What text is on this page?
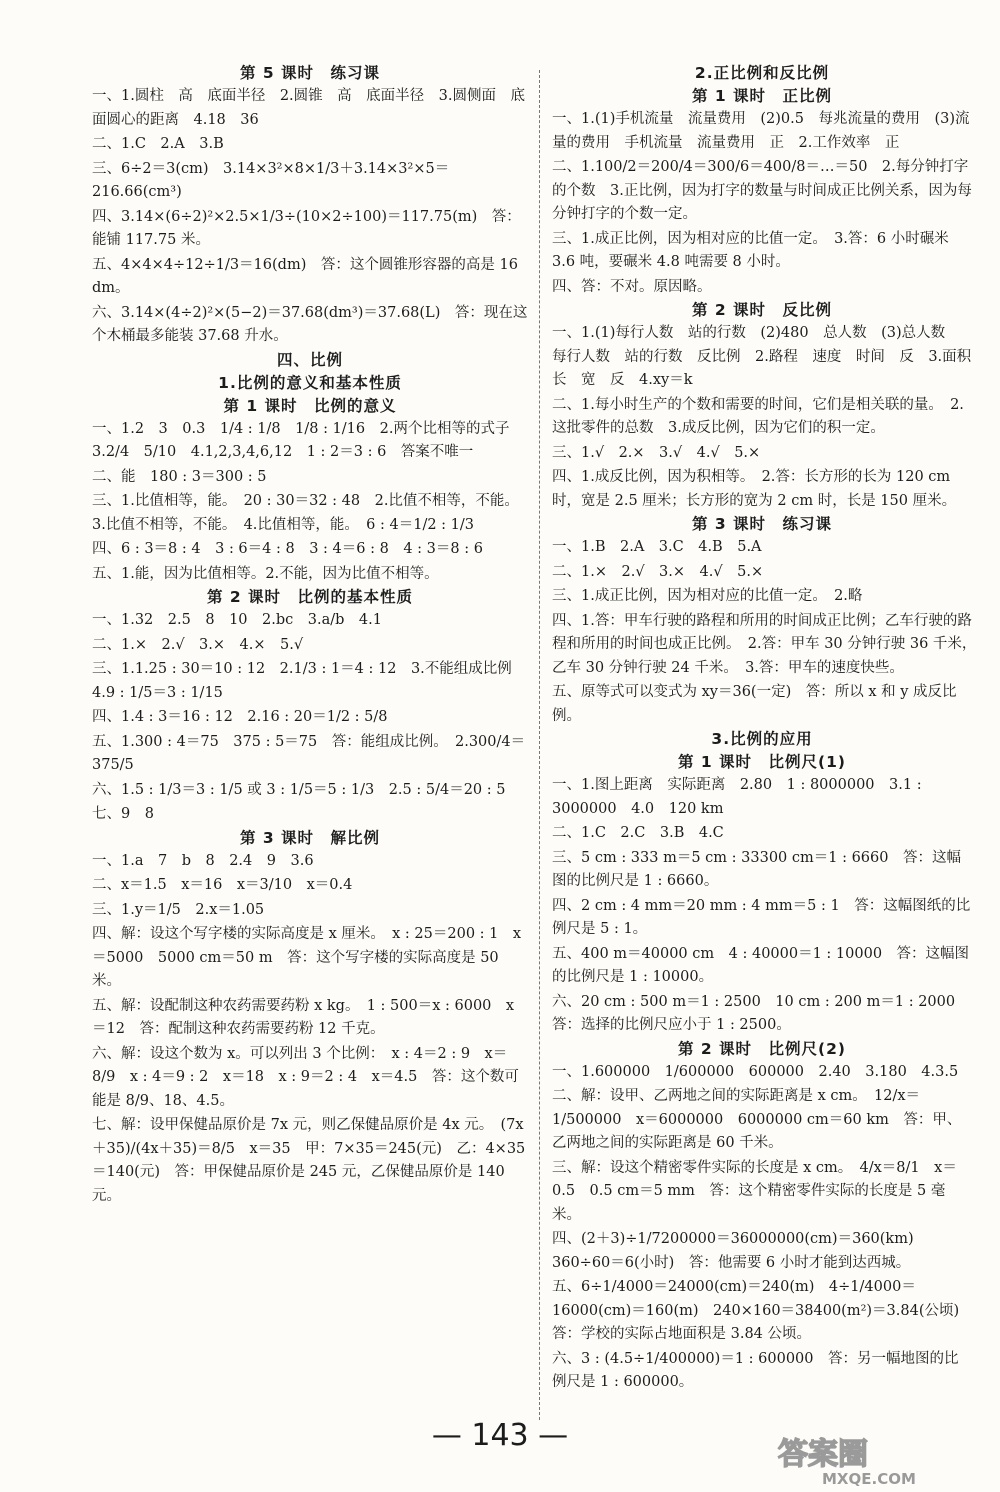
第 5 课时　练习课
一、1.圆柱　高　底面半径　2.圆锥　高　底面半径　3.圆侧面　底面圆心的距离　4.18　36
二、1.C　2.A　3.B
三、6÷2＝3(cm)　3.14×3²×8×1/3＋3.14×3²×5＝216.66(cm³)
四、3.14×(6÷2)²×2.5×1/3÷(10×2÷100)＝117.75(m)　答：能铺 117.75 米。
五、4×4×4÷12÷1/3＝16(dm)　答：这个圆锥形容器的高是 16 dm。
六、3.14×(4÷2)²×(5−2)＝37.68(dm³)＝37.68(L)　答：现在这个木桶最多能装 37.68 升水。
四、比例
1.比例的意义和基本性质
第 1 课时　比例的意义
一、1.2　3　0.3　1/4 : 1/8　1/8 : 1/16　2.两个比相等的式子　3.2/4　5/10　4.1,2,3,4,6,12　1 : 2＝3 : 6　答案不唯一
二、能　180 : 3＝300 : 5
三、1.比值相等，能。　20 : 30＝32 : 48　2.比值不相等，不能。3.比值不相等，不能。　4.比值相等，能。　6 : 4＝1/2 : 1/3
四、6 : 3＝8 : 4　3 : 6＝4 : 8　3 : 4＝6 : 8　4 : 3＝8 : 6
五、1.能，因为比值相等。2.不能，因为比值不相等。
第 2 课时　比例的基本性质
一、1.32　2.5　8　10　2.bc　3.a/b　4.1
二、1.×　2.√　3.×　4.×　5.√
三、1.1.25 : 30＝10 : 12　2.1/3 : 1＝4 : 12　3.不能组成比例　4.9 : 1/5＝3 : 1/15
四、1.4 : 3＝16 : 12　2.16 : 20＝1/2 : 5/8
五、1.300 : 4＝75　375 : 5＝75　答：能组成比例。　2.300/4＝375/5
六、1.5 : 1/3＝3 : 1/5 或 3 : 1/5＝5 : 1/3　2.5 : 5/4＝20 : 5
七、9　8
第 3 课时　解比例
一、1.a　7　b　8　2.4　9　3.6
二、x＝1.5　x＝16　x＝3/10　x＝0.4
三、1.y＝1/5　2.x＝1.05
四、解：设这个写字楼的实际高度是 x 厘米。　x : 25＝200 : 1　x＝5000　5000 cm＝50 m　答：这个写字楼的实际高度是 50 米。
五、解：设配制这种农药需要药粉 x kg。　1 : 500＝x : 6000　x＝12　答：配制这种农药需要药粉 12 千克。
六、解：设这个数为 x。可以列出 3 个比例：　x : 4＝2 : 9　x＝8/9　x : 4＝9 : 2　x＝18　x : 9＝2 : 4　x＝4.5　答：这个数可能是 8/9、18、4.5。
七、解：设甲保健品原价是 7x 元，则乙保健品原价是 4x 元。　(7x＋35)/(4x＋35)＝8/5　x＝35　甲：7×35＝245(元)　乙：4×35＝140(元)　答：甲保健品原价是 245 元，乙保健品原价是 140 元。
2.正比例和反比例
第 1 课时　正比例
一、1.(1)手机流量　流量费用　(2)0.5　每兆流量的费用　(3)流量的费用　手机流量　流量费用　正　2.工作效率　正
二、1.100/2＝200/4＝300/6＝400/8＝…＝50　2.每分钟打字的个数　3.正比例，因为打字的数量与时间成正比例关系，因为每分钟打字的个数一定。
三、1.成正比例，因为相对应的比值一定。　3.答：6 小时碾米 3.6 吨，要碾米 4.8 吨需要 8 小时。
四、答：不对。原因略。
第 2 课时　反比例
一、1.(1)每行人数　站的行数　(2)480　总人数　(3)总人数　每行人数　站的行数　反比例　2.路程　速度　时间　反　3.面积　长　宽　反　4.xy＝k
二、1.每小时生产的个数和需要的时间，它们是相关联的量。　2.这批零件的总数　3.成反比例，因为它们的积一定。
三、1.√　2.×　3.√　4.√　5.×
四、1.成反比例，因为积相等。　2.答：长方形的长为 120 cm 时，宽是 2.5 厘米；长方形的宽为 2 cm 时，长是 150 厘米。
第 3 课时　练习课
一、1.B　2.A　3.C　4.B　5.A
二、1.×　2.√　3.×　4.√　5.×
三、1.成正比例，因为相对应的比值一定。　2.略
四、1.答：甲车行驶的路程和所用的时间成正比例；乙车行驶的路程和所用的时间也成正比例。　2.答：甲车 30 分钟行驶 36 千米，　乙车 30 分钟行驶 24 千米。　3.答：甲车的速度快些。
五、原等式可以变式为 xy＝36(一定)　答：所以 x 和 y 成反比例。
3.比例的应用
第 1 课时　比例尺(1)
一、1.图上距离　实际距离　2.80　1 : 8000000　3.1 : 3000000　4.0　120 km
二、1.C　2.C　3.B　4.C
三、5 cm : 333 m＝5 cm : 33300 cm＝1 : 6660　答：这幅图的比例尺是 1 : 6660。
四、2 cm : 4 mm＝20 mm : 4 mm＝5 : 1　答：这幅图纸的比例尺是 5 : 1。
五、400 m＝40000 cm　4 : 40000＝1 : 10000　答：这幅图的比例尺是 1 : 10000。
六、20 cm : 500 m＝1 : 2500　10 cm : 200 m＝1 : 2000　答：选择的比例尺应小于 1 : 2500。
第 2 课时　比例尺(2)
一、1.600000　1/600000　600000　2.40　3.180　4.3.5
二、解：设甲、乙两地之间的实际距离是 x cm。　12/x＝1/500000　x＝6000000　6000000 cm＝60 km　答：甲、乙两地之间的实际距离是 60 千米。
三、解：设这个精密零件实际的长度是 x cm。　4/x＝8/1　x＝0.5　0.5 cm＝5 mm　答：这个精密零件实际的长度是 5 毫米。
四、(2＋3)÷1/7200000＝36000000(cm)＝360(km)　360÷60＝6(小时)　答：他需要 6 小时才能到达西城。
五、6÷1/4000＝24000(cm)＝240(m)　4÷1/4000＝16000(cm)＝160(m)　240×160＝38400(m²)＝3.84(公顷)　答：学校的实际占地面积是 3.84 公顷。
六、3 : (4.5÷1/400000)＝1 : 600000　答：另一幅地图的比例尺是 1 : 600000。
— 143 —
答案圈
MXQE.COM
